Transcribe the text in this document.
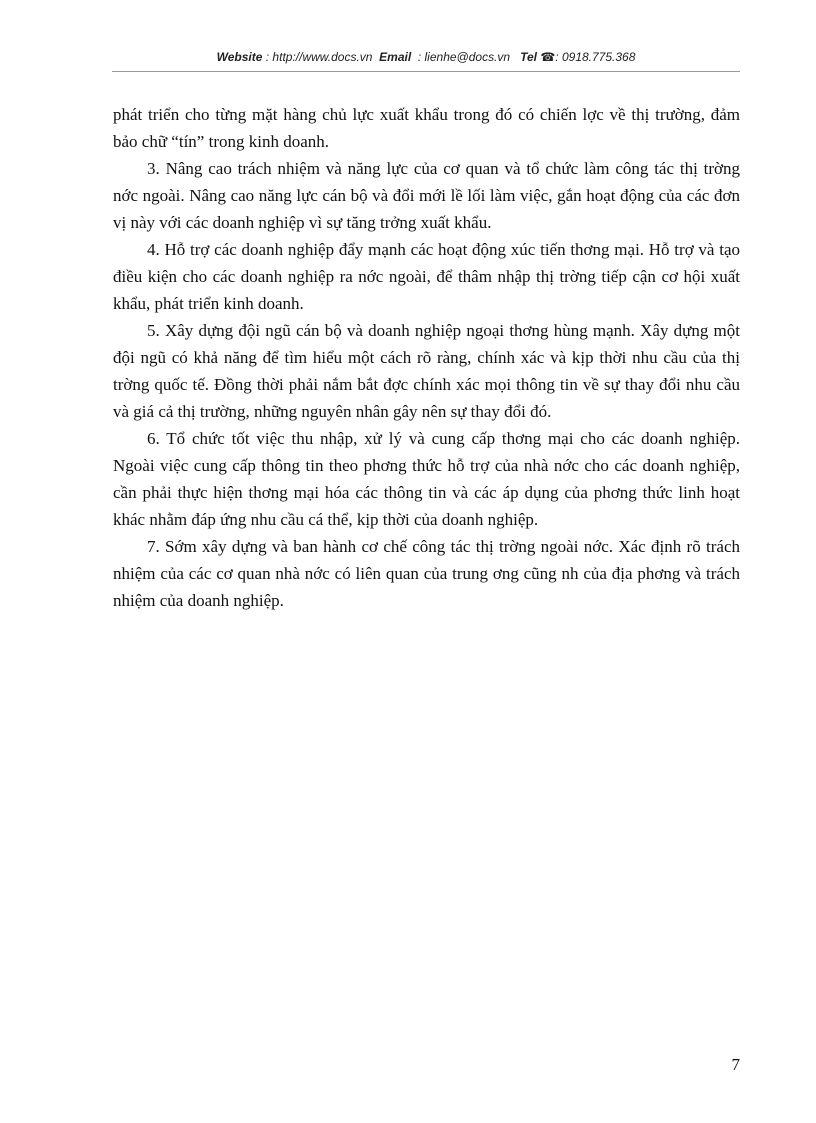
Website : http://www.docs.vn Email : lienhe@docs.vn Tel ☎: 0918.775.368

phát triển cho từng mặt hàng chủ lực xuất khẩu trong đó có chiến lợc về thị trường, đảm bảo chữ “tín” trong kinh doanh.

3. Nâng cao trách nhiệm và năng lực của cơ quan và tổ chức làm công tác thị trờng nớc ngoài. Nâng cao năng lực cán bộ và đổi mới lề lối làm việc, gắn hoạt động của các đơn vị này với các doanh nghiệp vì sự tăng trởng xuất khẩu.

4. Hỗ trợ các doanh nghiệp đẩy mạnh các hoạt động xúc tiến thơng mại. Hỗ trợ và tạo điều kiện cho các doanh nghiệp ra nớc ngoài, để thâm nhập thị trờng tiếp cận cơ hội xuất khẩu, phát triển kinh doanh.

5. Xây dựng đội ngũ cán bộ và doanh nghiệp ngoại thơng hùng mạnh. Xây dựng một đội ngũ có khả năng để tìm hiểu một cách rõ ràng, chính xác và kịp thời nhu cầu của thị trờng quốc tế. Đồng thời phải nắm bắt đợc chính xác mọi thông tin về sự thay đổi nhu cầu và giá cả thị trường, những nguyên nhân gây nên sự thay đổi đó.

6. Tổ chức tốt việc thu nhập, xử lý và cung cấp thơng mại cho các doanh nghiệp. Ngoài việc cung cấp thông tin theo phơng thức hỗ trợ của nhà nớc cho các doanh nghiệp, cần phải thực hiện thơng mại hóa các thông tin và các áp dụng của phơng thức linh hoạt khác nhằm đáp ứng nhu cầu cá thể, kịp thời của doanh nghiệp.

7. Sớm xây dựng và ban hành cơ chế công tác thị trờng ngoài nớc. Xác định rõ trách nhiệm của các cơ quan nhà nớc có liên quan của trung ơng cũng nh của địa phơng và trách nhiệm của doanh nghiệp.

7
